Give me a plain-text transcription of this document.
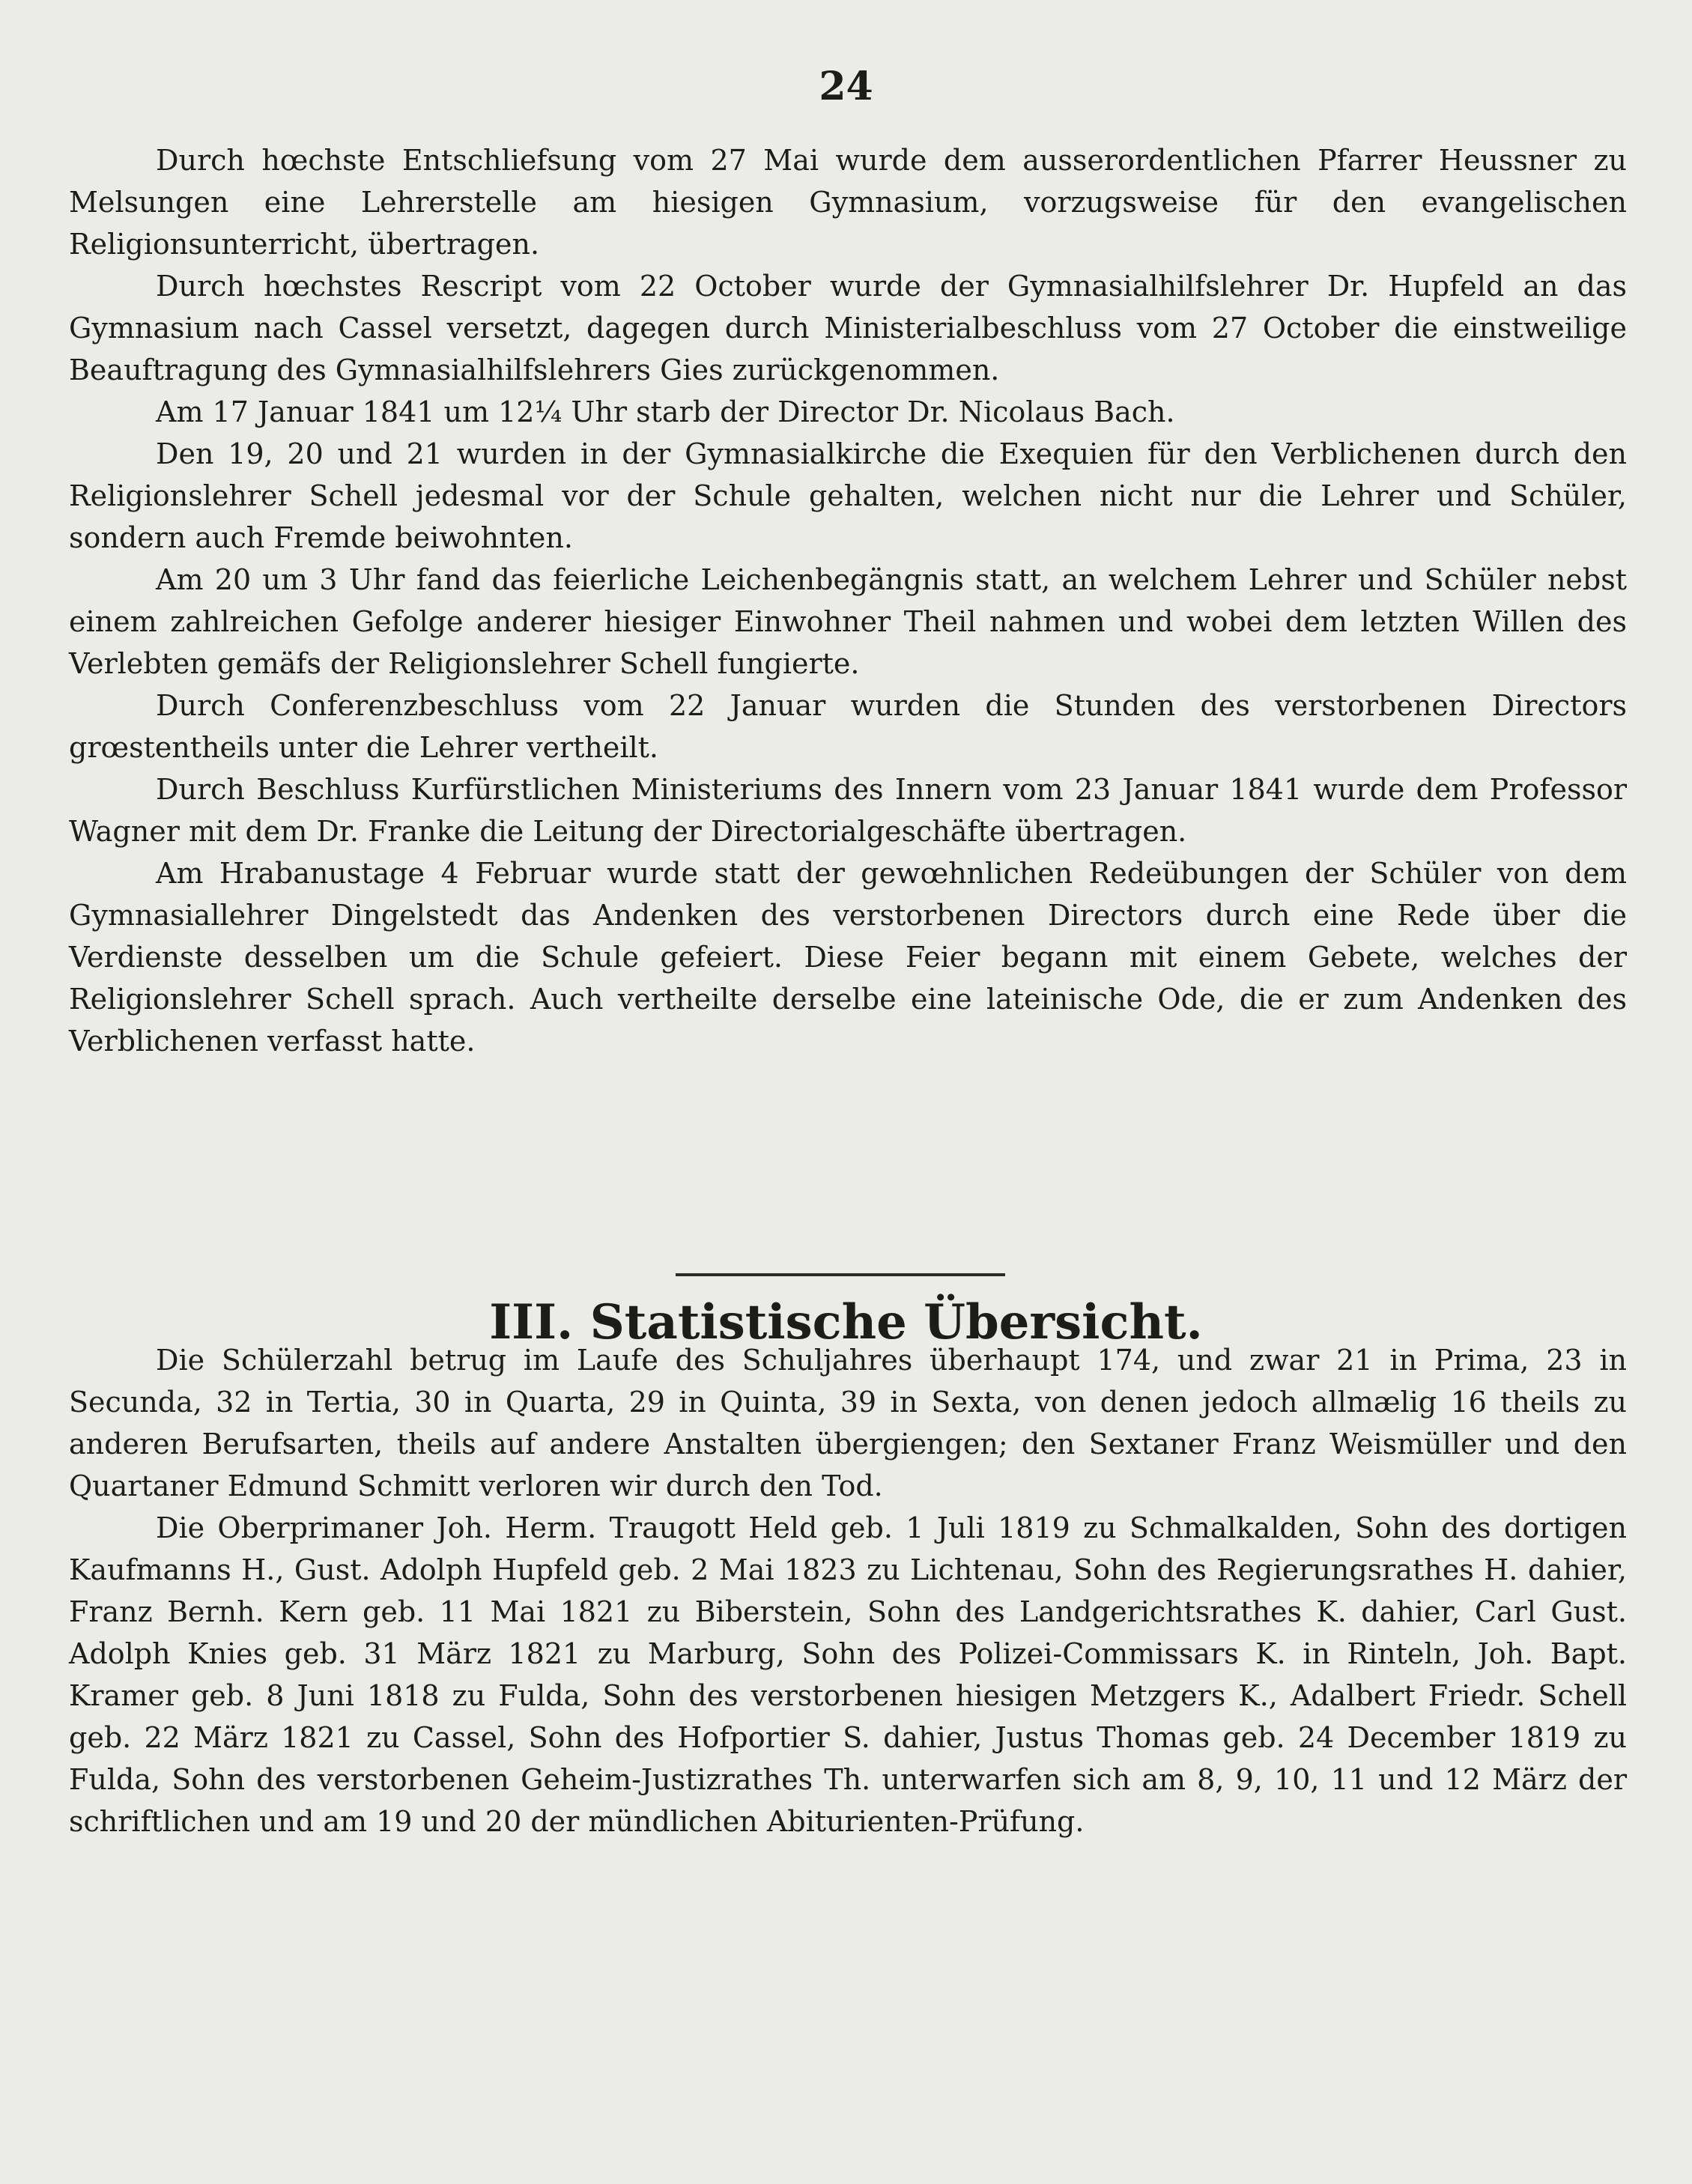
24

Durch hœchste Entschliefsung vom 27 Mai wurde dem ausserordentlichen Pfarrer Heussner zu Melsungen eine Lehrerstelle am hiesigen Gymnasium, vorzugsweise für den evangelischen Religionsunterricht, übertragen.

Durch hœchstes Rescript vom 22 October wurde der Gymnasialhilfslehrer Dr. Hupfeld an das Gymnasium nach Cassel versetzt, dagegen durch Ministerialbeschluss vom 27 October die einstweilige Beauftragung des Gymnasialhilfslehrers Gies zurückgenommen.

Am 17 Januar 1841 um 12¼ Uhr starb der Director Dr. Nicolaus Bach.

Den 19, 20 und 21 wurden in der Gymnasialkirche die Exequien für den Verblichenen durch den Religionslehrer Schell jedesmal vor der Schule gehalten, welchen nicht nur die Lehrer und Schüler, sondern auch Fremde beiwohnten.

Am 20 um 3 Uhr fand das feierliche Leichenbegängnis statt, an welchem Lehrer und Schüler nebst einem zahlreichen Gefolge anderer hiesiger Einwohner Theil nahmen und wobei dem letzten Willen des Verlebten gemäfs der Religionslehrer Schell fungierte.

Durch Conferenzbeschluss vom 22 Januar wurden die Stunden des verstorbenen Directors grœstentheils unter die Lehrer vertheilt.

Durch Beschluss Kurfürstlichen Ministeriums des Innern vom 23 Januar 1841 wurde dem Professor Wagner mit dem Dr. Franke die Leitung der Directorialgeschäfte übertragen.

Am Hrabanustage 4 Februar wurde statt der gewœhnlichen Redeübungen der Schüler von dem Gymnasiallehrer Dingelstedt das Andenken des verstorbenen Directors durch eine Rede über die Verdienste desselben um die Schule gefeiert. Diese Feier begann mit einem Gebete, welches der Religionslehrer Schell sprach. Auch vertheilte derselbe eine lateinische Ode, die er zum Andenken des Verblichenen verfasst hatte.

III. Statistische Übersicht.

Die Schülerzahl betrug im Laufe des Schuljahres überhaupt 174, und zwar 21 in Prima, 23 in Secunda, 32 in Tertia, 30 in Quarta, 29 in Quinta, 39 in Sexta, von denen jedoch allmælig 16 theils zu anderen Berufsarten, theils auf andere Anstalten übergiengen; den Sextaner Franz Weismüller und den Quartaner Edmund Schmitt verloren wir durch den Tod.

Die Oberprimaner Joh. Herm. Traugott Held geb. 1 Juli 1819 zu Schmalkalden, Sohn des dortigen Kaufmanns H., Gust. Adolph Hupfeld geb. 2 Mai 1823 zu Lichtenau, Sohn des Regierungsrathes H. dahier, Franz Bernh. Kern geb. 11 Mai 1821 zu Biberstein, Sohn des Landgerichtsrathes K. dahier, Carl Gust. Adolph Knies geb. 31 März 1821 zu Marburg, Sohn des Polizei-Commissars K. in Rinteln, Joh. Bapt. Kramer geb. 8 Juni 1818 zu Fulda, Sohn des verstorbenen hiesigen Metzgers K., Adalbert Friedr. Schell geb. 22 März 1821 zu Cassel, Sohn des Hofportier S. dahier, Justus Thomas geb. 24 December 1819 zu Fulda, Sohn des verstorbenen Geheim-Justizrathes Th. unterwarfen sich am 8, 9, 10, 11 und 12 März der schriftlichen und am 19 und 20 der mündlichen Abiturienten-Prüfung.
